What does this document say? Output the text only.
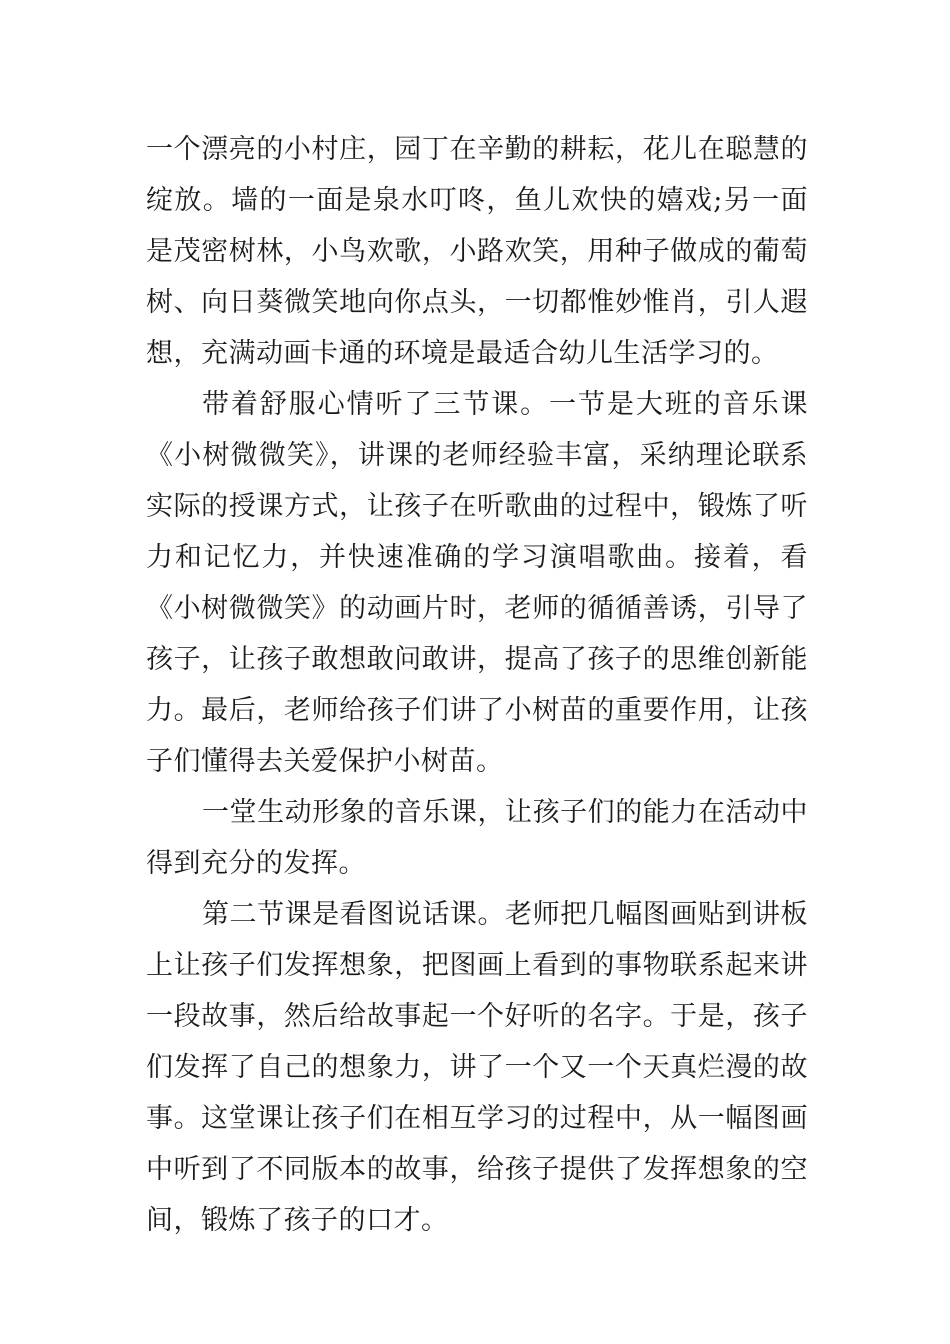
一个漂亮的小村庄，园丁在辛勤的耕耘，花儿在聪慧的绽放。墙的一面是泉水叮咚，鱼儿欢快的嬉戏;另一面是茂密树林，小鸟欢歌，小路欢笑，用种子做成的葡萄树、向日葵微笑地向你点头，一切都惟妙惟肖，引人遐想，充满动画卡通的环境是最适合幼儿生活学习的。

带着舒服心情听了三节课。一节是大班的音乐课《小树微微笑》，讲课的老师经验丰富，采纳理论联系实际的授课方式，让孩子在听歌曲的过程中，锻炼了听力和记忆力，并快速准确的学习演唱歌曲。接着，看《小树微微笑》的动画片时，老师的循循善诱，引导了孩子，让孩子敢想敢问敢讲，提高了孩子的思维创新能力。最后，老师给孩子们讲了小树苗的重要作用，让孩子们懂得去关爱保护小树苗。

一堂生动形象的音乐课，让孩子们的能力在活动中得到充分的发挥。

第二节课是看图说话课。老师把几幅图画贴到讲板上让孩子们发挥想象，把图画上看到的事物联系起来讲一段故事，然后给故事起一个好听的名字。于是，孩子们发挥了自己的想象力，讲了一个又一个天真烂漫的故事。这堂课让孩子们在相互学习的过程中，从一幅图画中听到了不同版本的故事，给孩子提供了发挥想象的空间，锻炼了孩子的口才。
